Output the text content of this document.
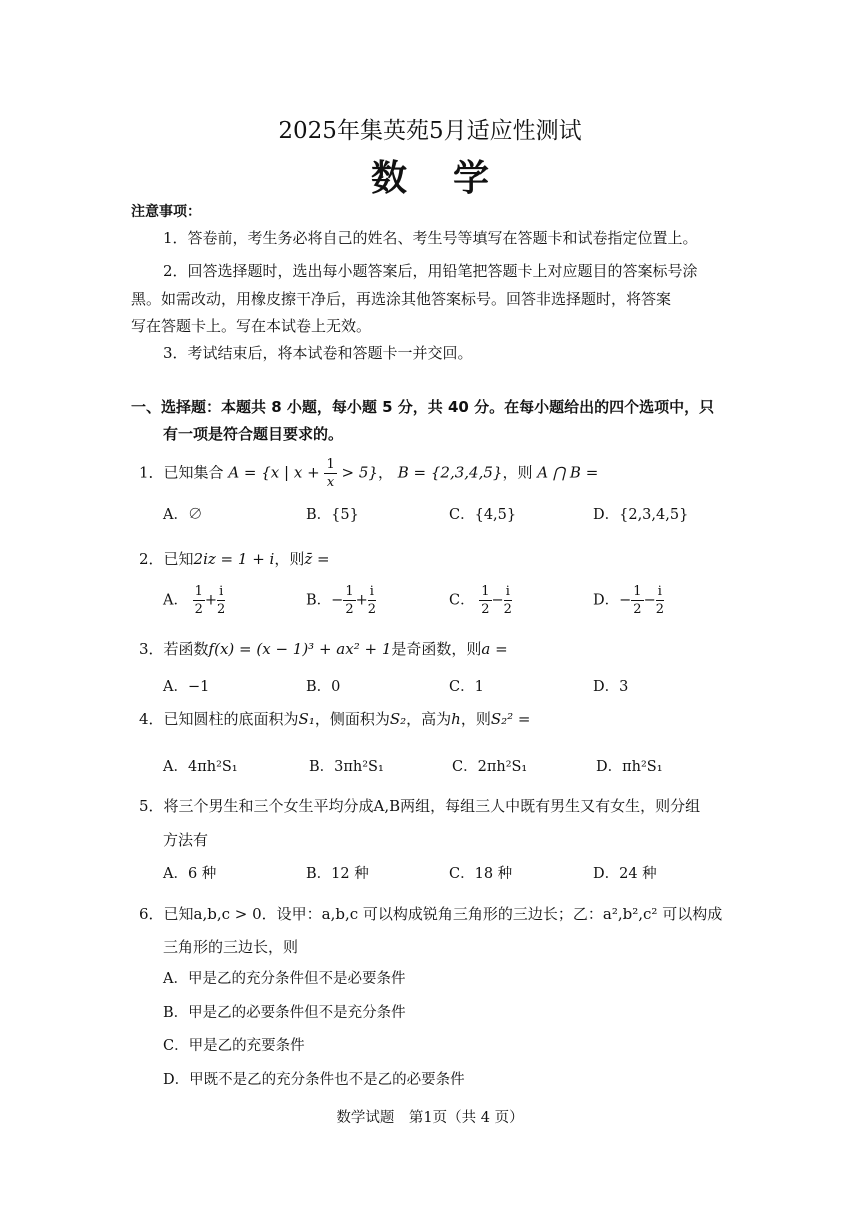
2025年集英苑5月适应性测试
数学
注意事项：
1．答卷前，考生务必将自己的姓名、考生号等填写在答题卡和试卷指定位置上。
2．回答选择题时，选出每小题答案后，用铅笔把答题卡上对应题目的答案标号涂
黑。如需改动，用橡皮擦干净后，再选涂其他答案标号。回答非选择题时，将答案
写在答题卡上。写在本试卷上无效。
3．考试结束后，将本试卷和答题卡一并交回。
一、选择题：本题共 8 小题，每小题 5 分，共 40 分。在每小题给出的四个选项中，只
有一项是符合题目要求的。
1．已知集合 A = {x | $x + \frac{1}{x} > 5$}， B = {2,3,4,5}，则 A ⋂ B =
A．∅	B．{5}	C．{4,5}	D．{2,3,4,5}
2．已知2iz = 1 + i，则z̄ =
A． $\frac{1}{2} + \frac{i}{2}$	B．− $\frac{1}{2} + \frac{i}{2}$	C． $\frac{1}{2} - \frac{i}{2}$	D．− $\frac{1}{2} - \frac{i}{2}$
3．若函数f(x) = (x − 1)³ + ax² + 1是奇函数，则a =
A．−1	B．0	C．1	D．3
4．已知圆柱的底面积为S₁，侧面积为S₂，高为h，则S₂² =
A．4πh²S₁	B．3πh²S₁	C．2πh²S₁	D．πh²S₁
5．将三个男生和三个女生平均分成A,B两组，每组三人中既有男生又有女生，则分组
方法有
A．6 种	B．12 种	C．18 种	D．24 种
6．已知a,b,c > 0．设甲：a,b,c 可以构成锐角三角形的三边长；乙：a²,b²,c² 可以构成
三角形的三边长，则
A．甲是乙的充分条件但不是必要条件
B．甲是乙的必要条件但不是充分条件
C．甲是乙的充要条件
D．甲既不是乙的充分条件也不是乙的必要条件
数学试题　第1页（共 4 页）
